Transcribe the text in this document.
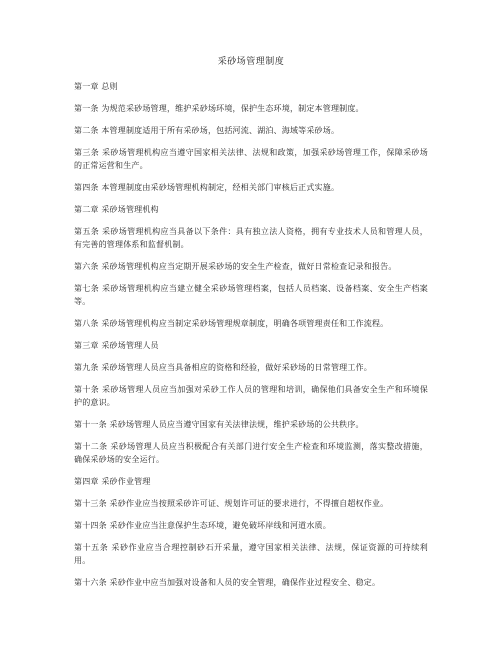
采砂场管理制度

第一章 总则

第一条 为规范采砂场管理，维护采砂场环境，保护生态环境，制定本管理制度。

第二条 本管理制度适用于所有采砂场，包括河流、湖泊、海域等采砂场。

第三条 采砂场管理机构应当遵守国家相关法律、法规和政策，加强采砂场管理工作，保障采砂场的正常运营和生产。

第四条 本管理制度由采砂场管理机构制定，经相关部门审核后正式实施。

第二章 采砂场管理机构

第五条 采砂场管理机构应当具备以下条件：具有独立法人资格，拥有专业技术人员和管理人员，有完善的管理体系和监督机制。

第六条 采砂场管理机构应当定期开展采砂场的安全生产检查，做好日常检查记录和报告。

第七条 采砂场管理机构应当建立健全采砂场管理档案，包括人员档案、设备档案、安全生产档案等。

第八条 采砂场管理机构应当制定采砂场管理规章制度，明确各项管理责任和工作流程。

第三章 采砂场管理人员

第九条 采砂场管理人员应当具备相应的资格和经验，做好采砂场的日常管理工作。

第十条 采砂场管理人员应当加强对采砂工作人员的管理和培训，确保他们具备安全生产和环境保护的意识。

第十一条 采砂场管理人员应当遵守国家有关法律法规，维护采砂场的公共秩序。

第十二条 采砂场管理人员应当积极配合有关部门进行安全生产检查和环境监测，落实整改措施，确保采砂场的安全运行。

第四章 采砂作业管理

第十三条 采砂作业应当按照采砂许可证、规划许可证的要求进行，不得擅自超权作业。

第十四条 采砂作业应当注意保护生态环境，避免破坏岸线和河道水质。

第十五条 采砂作业应当合理控制砂石开采量，遵守国家相关法律、法规，保证资源的可持续利用。

第十六条 采砂作业中应当加强对设备和人员的安全管理，确保作业过程安全、稳定。
